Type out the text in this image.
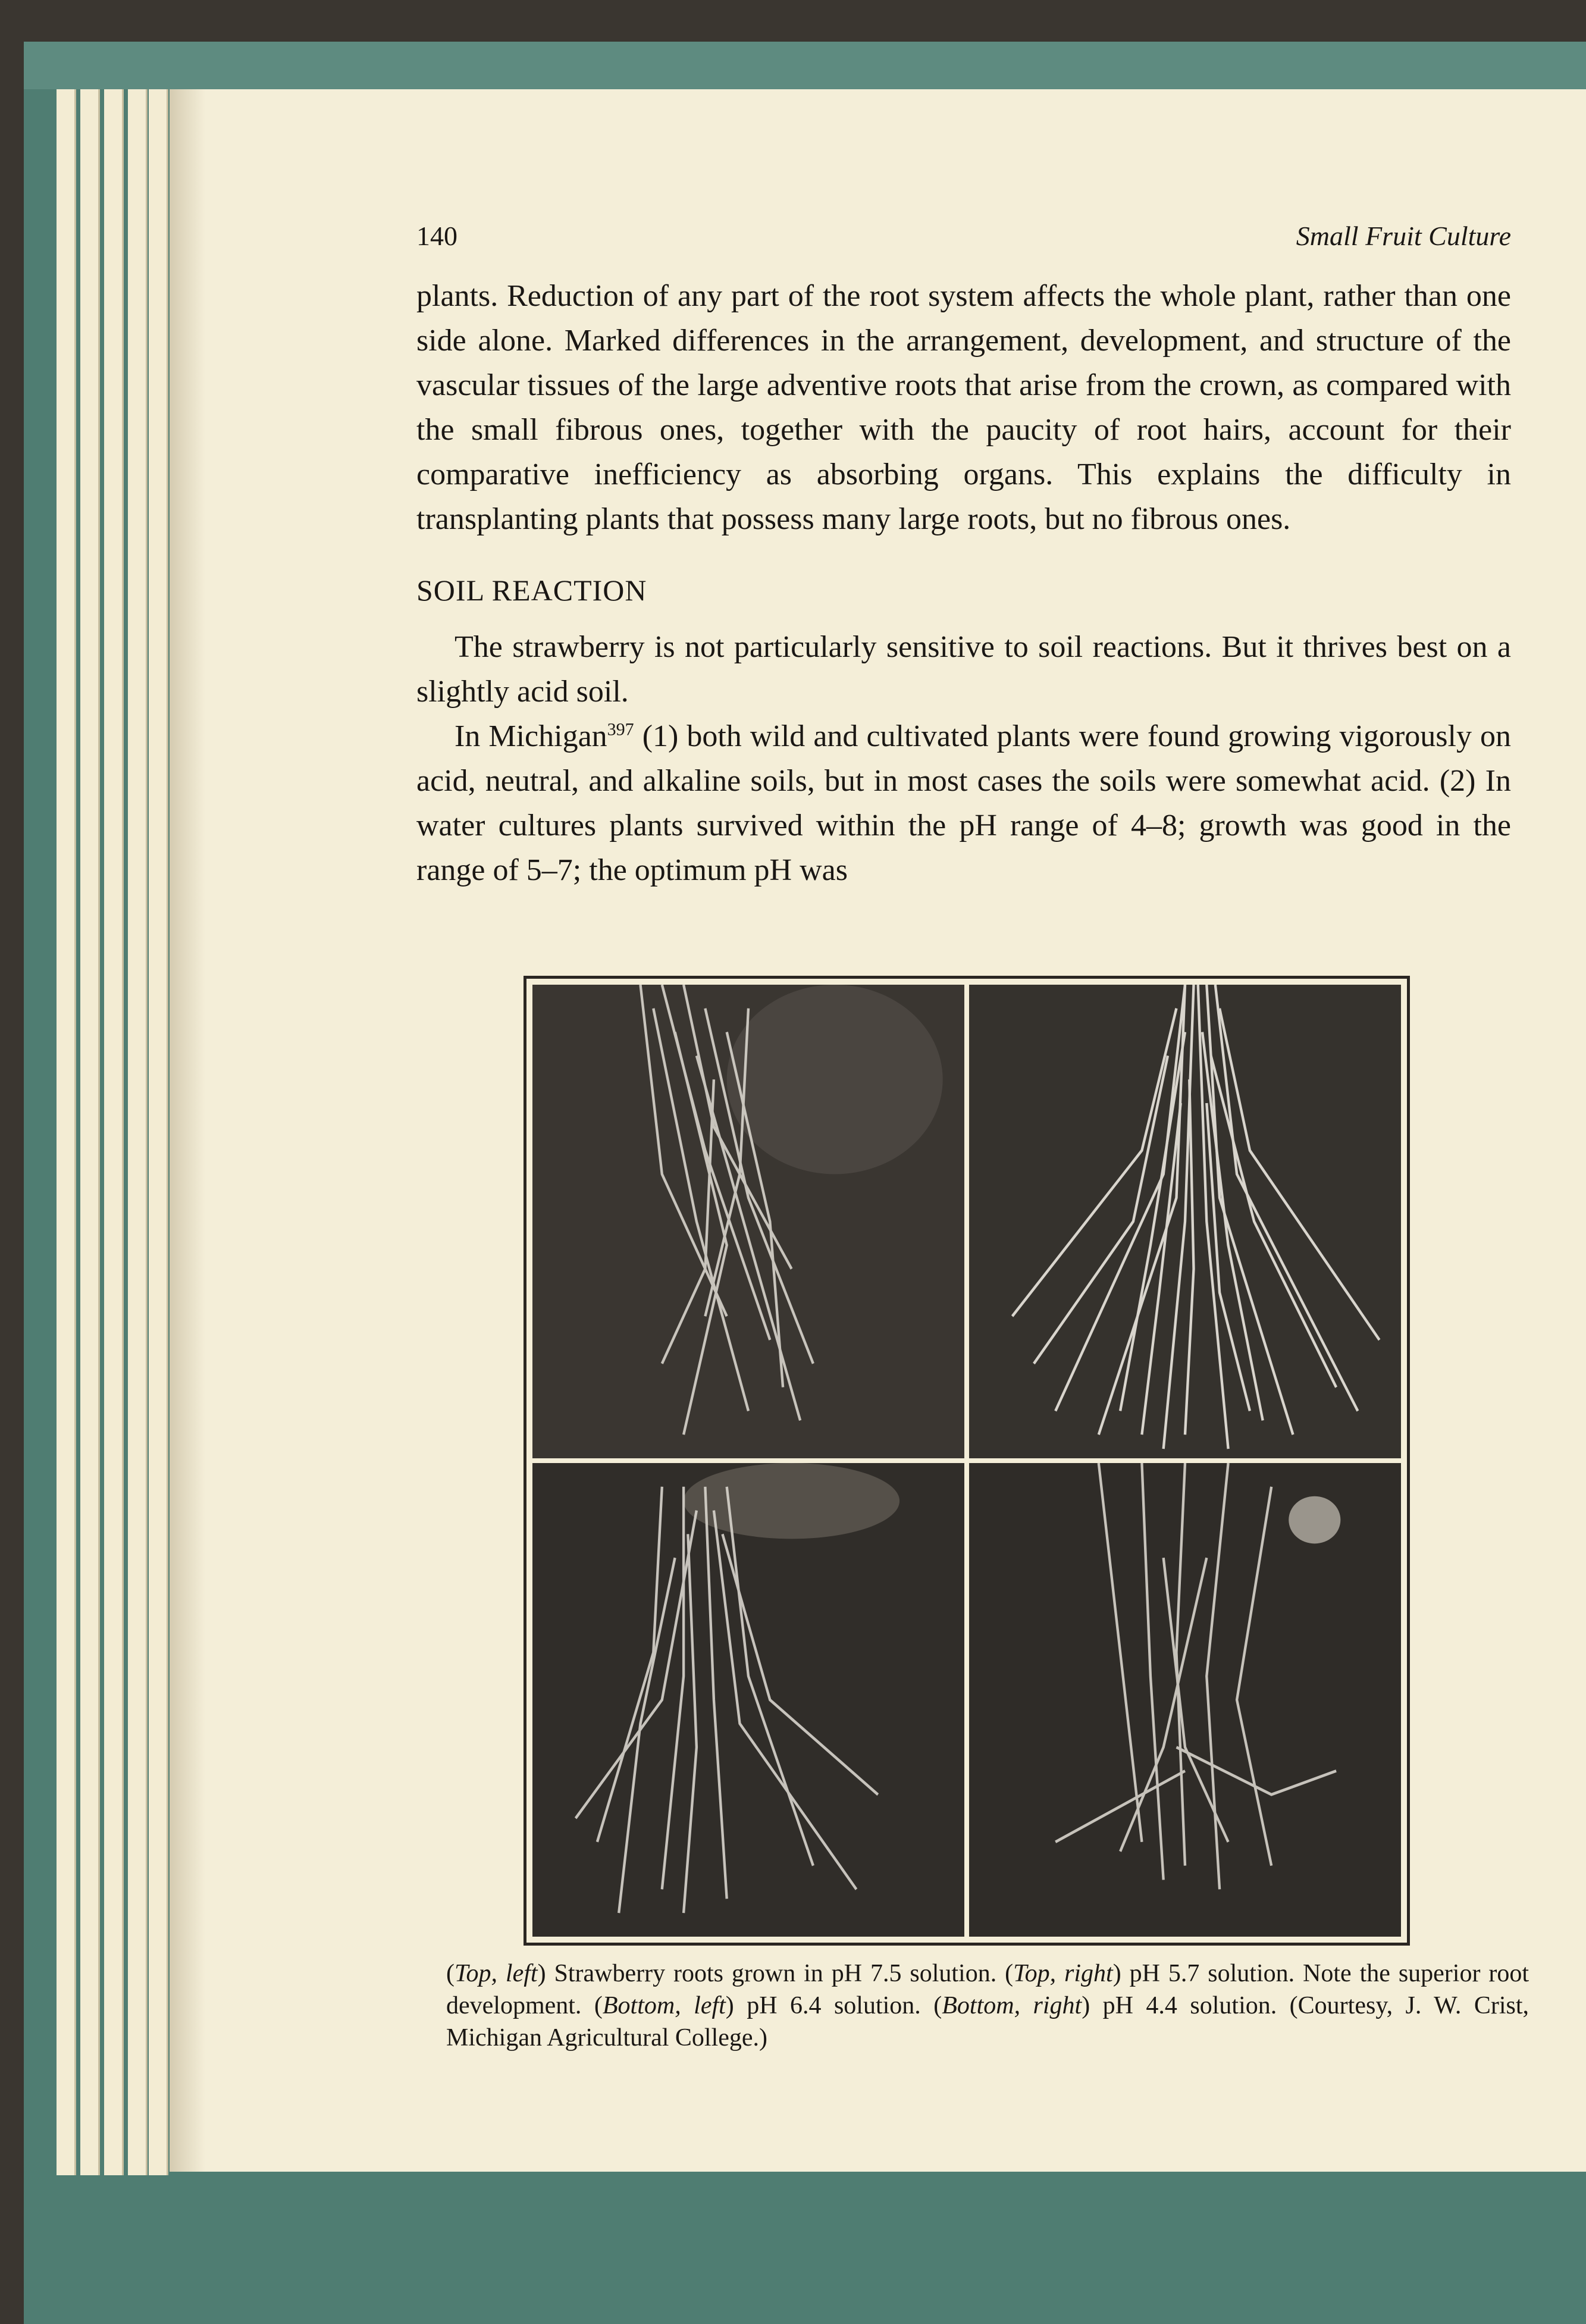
140	Small Fruit Culture

plants. Reduction of any part of the root system affects the whole plant, rather than one side alone. Marked differences in the arrangement, development, and structure of the vascular tissues of the large adventive roots that arise from the crown, as compared with the small fibrous ones, together with the paucity of root hairs, account for their comparative inefficiency as absorbing organs. This explains the difficulty in transplanting plants that possess many large roots, but no fibrous ones.

SOIL REACTION

The strawberry is not particularly sensitive to soil reactions. But it thrives best on a slightly acid soil.

In Michigan$^{397}$ (1) both wild and cultivated plants were found growing vigorously on acid, neutral, and alkaline soils, but in most cases the soils were somewhat acid. (2) In water cultures plants survived within the pH range of 4–8; growth was good in the range of 5–7; the optimum pH was

(Top, left) Strawberry roots grown in pH 7.5 solution. (Top, right) pH 5.7 solution. Note the superior root development. (Bottom, left) pH 6.4 solution. (Bottom, right) pH 4.4 solution. (Courtesy, J. W. Crist, Michigan Agricultural College.)
